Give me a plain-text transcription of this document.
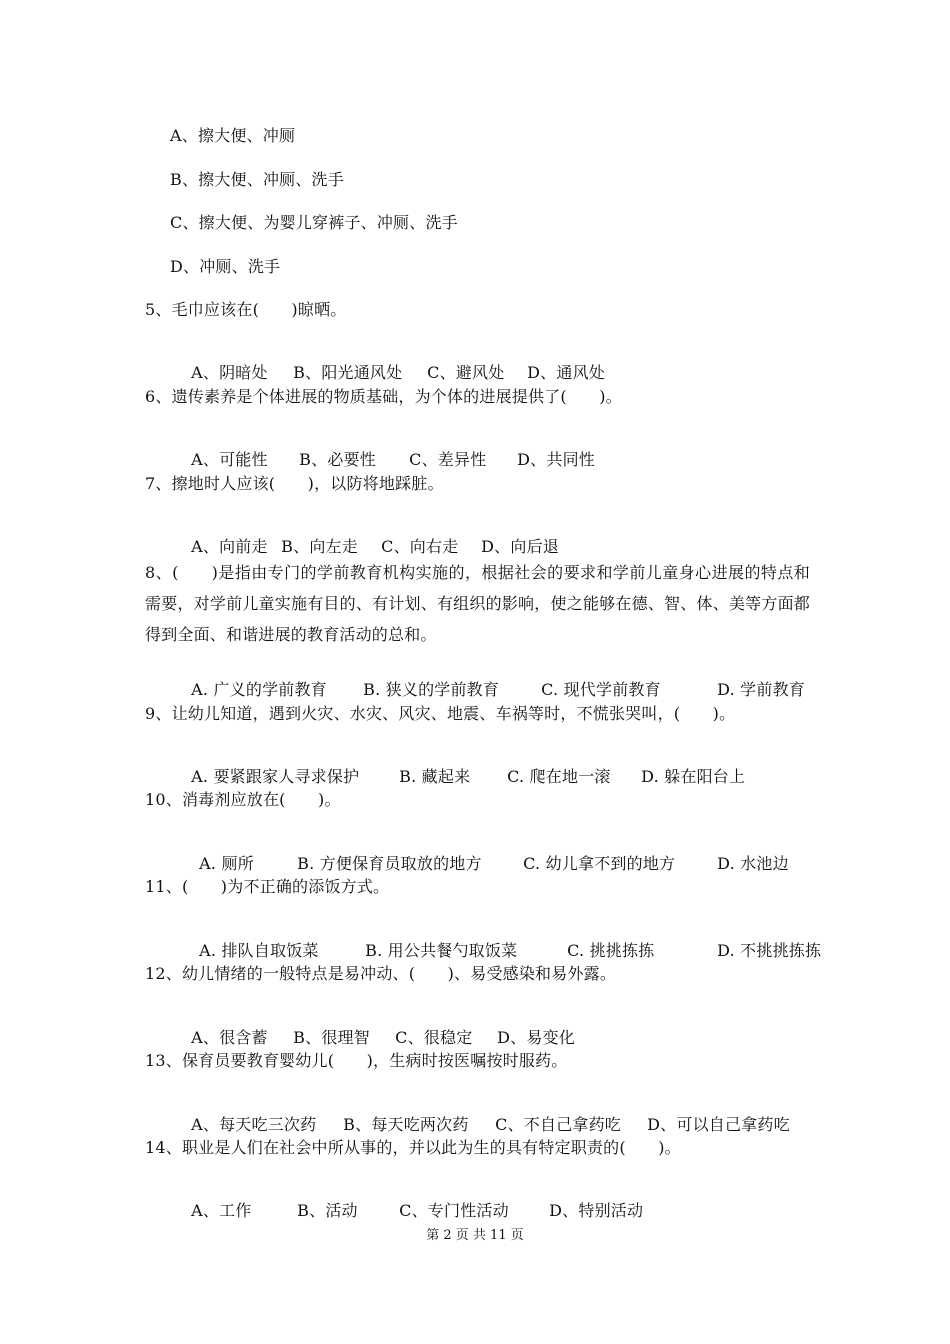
A、擦大便、冲厕
B、擦大便、冲厕、洗手
C、擦大便、为婴儿穿裤子、冲厕、洗手
D、冲厕、洗手
5、毛巾应该在(　　)晾晒。

A、阴暗处 B、阳光通风处 C、避风处 D、通风处

6、遗传素养是个体进展的物质基础，为个体的进展提供了(　　)。

A、可能性 B、必要性 C、差异性 D、共同性

7、擦地时人应该(　　)，以防将地踩脏。

A、向前走 B、向左走 C、向右走 D、向后退

8、(　　)是指由专门的学前教育机构实施的，根据社会的要求和学前儿童身心进展的特点和需要，对学前儿童实施有目的、有计划、有组织的影响，使之能够在德、智、体、美等方面都得到全面、和谐进展的教育活动的总和。

A. 广义的学前教育 B. 狭义的学前教育	C. 现代学前教育	D. 学前教育

9、让幼儿知道，遇到火灾、水灾、风灾、地震、车祸等时，不慌张哭叫，(　　)。

A. 要紧跟家人寻求保护 B. 藏起来 C. 爬在地一滚 D. 躲在阳台上

10、消毒剂应放在(　　)。

A. 厕所	B. 方便保育员取放的地方	C. 幼儿拿不到的地方	D. 水池边

11、(　　)为不正确的添饭方式。

A. 排队自取饭菜	B. 用公共餐勺取饭菜	C. 挑挑拣拣	D. 不挑挑拣拣

12、幼儿情绪的一般特点是易冲动、(　　)、易受感染和易外露。

A、很含蓄 B、很理智 C、很稳定 D、易变化

13、保育员要教育婴幼儿(　　)，生病时按医嘱按时服药。

A、每天吃三次药 B、每天吃两次药 C、不自己拿药吃 D、可以自己拿药吃

14、职业是人们在社会中所从事的，并以此为生的具有特定职责的(　　)。

A、工作	B、活动	C、专门性活动	D、特别活动

第 2 页 共 11 页
